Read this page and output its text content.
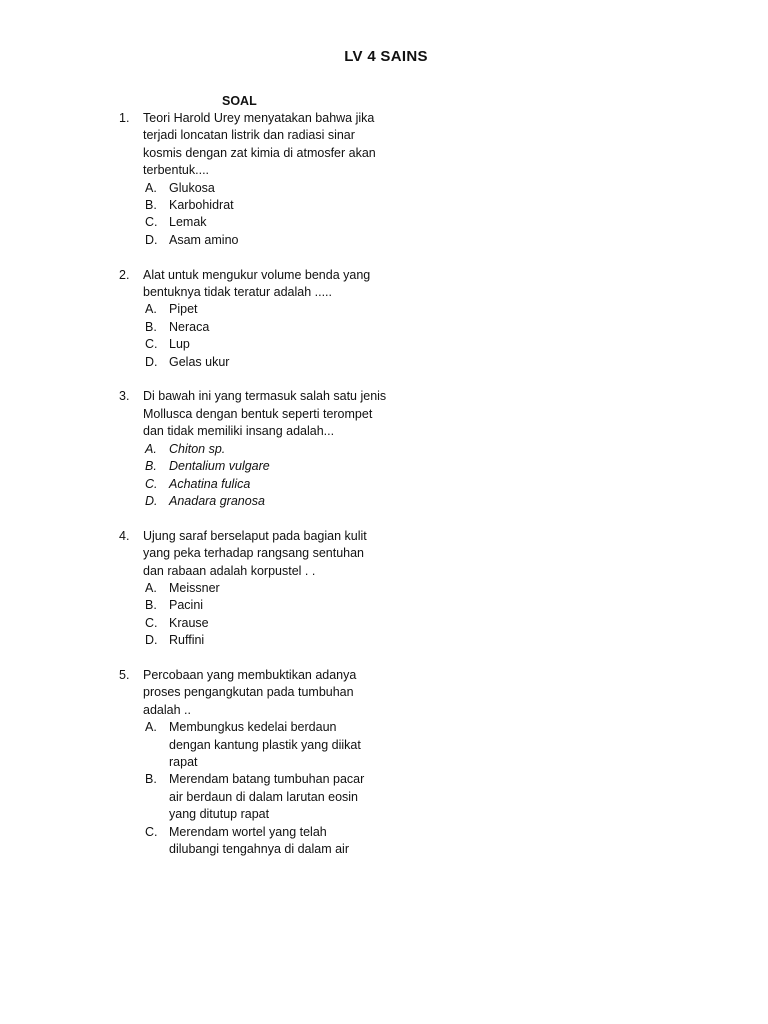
LV 4 SAINS
SOAL
1. Teori Harold Urey menyatakan bahwa jika terjadi loncatan listrik dan radiasi sinar kosmis dengan zat kimia di atmosfer akan terbentuk....
A. Glukosa
B. Karbohidrat
C. Lemak
D. Asam amino
2. Alat untuk mengukur volume benda yang bentuknya tidak teratur adalah .....
A. Pipet
B. Neraca
C. Lup
D. Gelas ukur
3. Di bawah ini yang termasuk salah satu jenis Mollusca dengan bentuk seperti terompet dan tidak memiliki insang adalah...
A. Chiton sp.
B. Dentalium vulgare
C. Achatina fulica
D. Anadara granosa
4. Ujung saraf berselaput pada bagian kulit yang peka terhadap rangsang sentuhan dan rabaan adalah korpustel . .
A. Meissner
B. Pacini
C. Krause
D. Ruffini
5. Percobaan yang membuktikan adanya proses pengangkutan pada tumbuhan adalah ..
A. Membungkus kedelai berdaun dengan kantung plastik yang diikat rapat
B. Merendam batang tumbuhan pacar air berdaun di dalam larutan eosin yang ditutup rapat
C. Merendam wortel yang telah dilubangi tengahnya di dalam air
